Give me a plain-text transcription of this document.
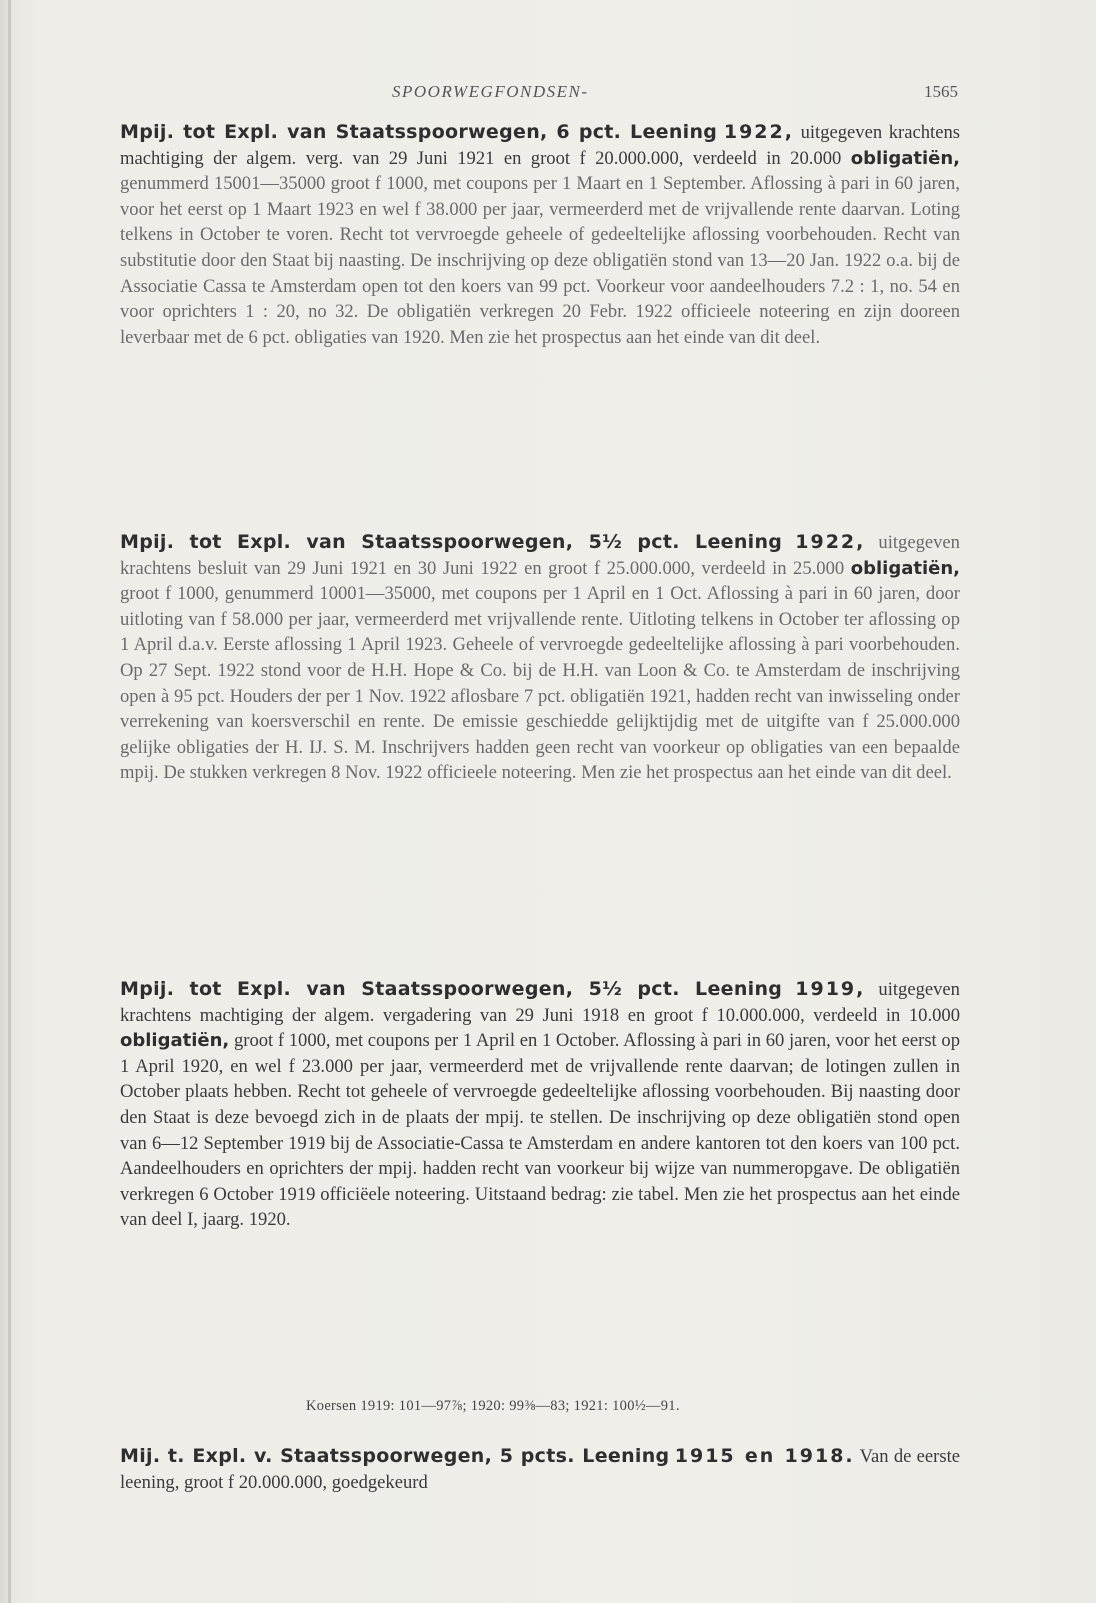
SPOORWEGFONDSEN-	1565
Mpij. tot Expl. van Staatsspoorwegen, 6 pct. Leening 1922, uitgegeven krachtens machtiging der algem. verg. van 29 Juni 1921 en groot f 20.000.000, verdeeld in 20.000 obligatiën, genummerd 15001—35000 groot f 1000, met coupons per 1 Maart en 1 September. Aflossing à pari in 60 jaren, voor het eerst op 1 Maart 1923 en wel f 38.000 per jaar, vermeerderd met de vrijvallende rente daarvan. Loting telkens in October te voren. Recht tot vervroegde geheele of gedeeltelijke aflossing voorbehouden. Recht van substitutie door den Staat bij naasting. De inschrijving op deze obligatiën stond van 13—20 Jan. 1922 o.a. bij de Associatie Cassa te Amsterdam open tot den koers van 99 pct. Voorkeur voor aandeelhouders 7.2 : 1, no. 54 en voor oprichters 1 : 20, no 32. De obligatiën verkregen 20 Febr. 1922 officieele noteering en zijn dooreen leverbaar met de 6 pct. obligaties van 1920. Men zie het prospectus aan het einde van dit deel.
Mpij. tot Expl. van Staatsspoorwegen, 5½ pct. Leening 1922, uitgegeven krachtens besluit van 29 Juni 1921 en 30 Juni 1922 en groot f 25.000.000, verdeeld in 25.000 obligatiën, groot f 1000, genummerd 10001—35000, met coupons per 1 April en 1 Oct. Aflossing à pari in 60 jaren, door uitloting van f 58.000 per jaar, vermeerderd met vrijvallende rente. Uitloting telkens in October ter aflossing op 1 April d.a.v. Eerste aflossing 1 April 1923. Geheele of vervroegde gedeeltelijke aflossing à pari voorbehouden. Op 27 Sept. 1922 stond voor de H.H. Hope & Co. bij de H.H. van Loon & Co. te Amsterdam de inschrijving open à 95 pct. Houders der per 1 Nov. 1922 aflosbare 7 pct. obligatiën 1921, hadden recht van inwisseling onder verrekening van koersverschil en rente. De emissie geschiedde gelijktijdig met de uitgifte van f 25.000.000 gelijke obligaties der H. IJ. S. M. Inschrijvers hadden geen recht van voorkeur op obligaties van een bepaalde mpij. De stukken verkregen 8 Nov. 1922 officieele noteering. Men zie het prospectus aan het einde van dit deel.
Mpij. tot Expl. van Staatsspoorwegen, 5½ pct. Leening 1919, uitgegeven krachtens machtiging der algem. vergadering van 29 Juni 1918 en groot f 10.000.000, verdeeld in 10.000 obligatiën, groot f 1000, met coupons per 1 April en 1 October. Aflossing à pari in 60 jaren, voor het eerst op 1 April 1920, en wel f 23.000 per jaar, vermeerderd met de vrijvallende rente daarvan; de lotingen zullen in October plaats hebben. Recht tot geheele of vervroegde gedeeltelijke aflossing voorbehouden. Bij naasting door den Staat is deze bevoegd zich in de plaats der mpij. te stellen. De inschrijving op deze obligatiën stond open van 6—12 September 1919 bij de Associatie-Cassa te Amsterdam en andere kantoren tot den koers van 100 pct. Aandeelhouders en oprichters der mpij. hadden recht van voorkeur bij wijze van nummeropgave. De obligatiën verkregen 6 October 1919 officiëele noteering. Uitstaand bedrag: zie tabel. Men zie het prospectus aan het einde van deel I, jaarg. 1920.
Koersen 1919: 101—97⅞; 1920: 99⅜—83; 1921: 100½—91.
Mij. t. Expl. v. Staatsspoorwegen, 5 pcts. Leening 1915 en 1918. Van de eerste leening, groot f 20.000.000, goedgekeurd
